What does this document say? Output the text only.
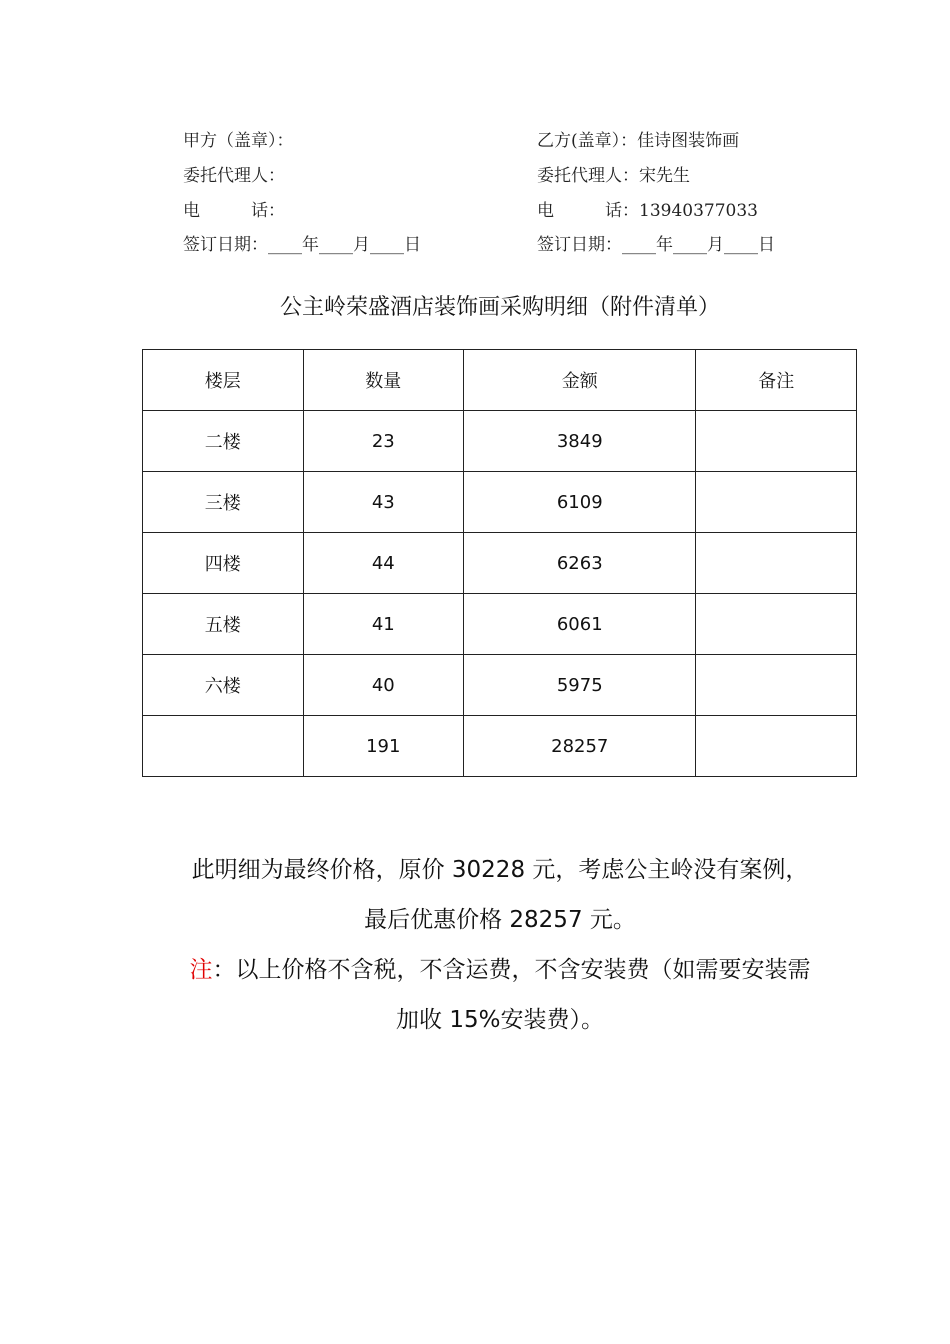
甲方（盖章）：
委托代理人：
电　　　话：
签订日期：____年____月____日
乙方(盖章）：佳诗图装饰画
委托代理人：宋先生
电　　　话：13940377033
签订日期：____年____月____日
公主岭荣盛酒店装饰画采购明细（附件清单）
楼层	数量	金额	备注
二楼	23	3849	
三楼	43	6109	
四楼	44	6263	
五楼	41	6061	
六楼	40	5975	
	191	28257	
此明细为最终价格，原价 30228 元，考虑公主岭没有案例，
最后优惠价格 28257 元。
注：以上价格不含税，不含运费，不含安装费（如需要安装需
加收 15%安装费）。
